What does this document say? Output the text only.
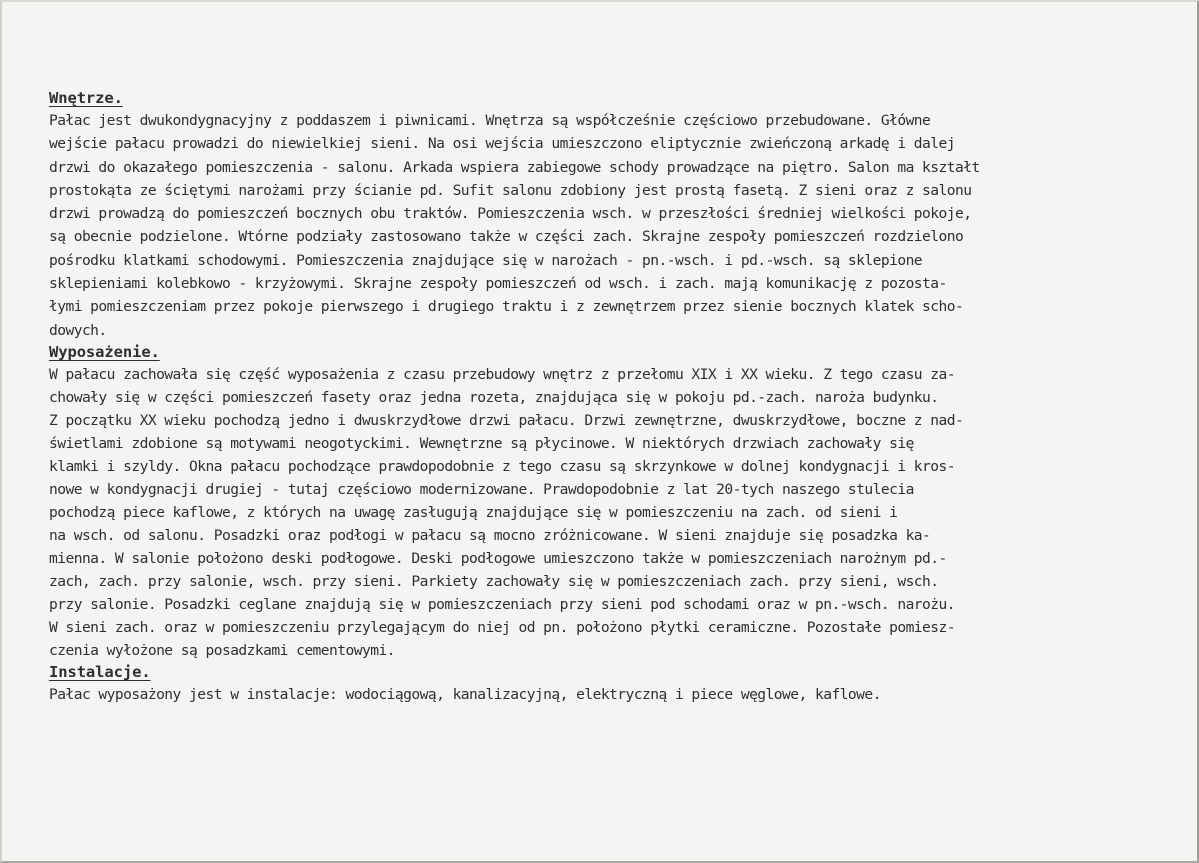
Wnętrze.
Pałac jest dwukondygnacyjny z poddaszem i piwnicami. Wnętrza są współcześnie częściowo przebudowane. Główne
wejście pałacu prowadzi do niewielkiej sieni. Na osi wejścia umieszczono eliptycznie zwieńczoną arkadę i dalej
drzwi do okazałego pomieszczenia - salonu. Arkada wspiera zabiegowe schody prowadzące na piętro. Salon ma kształt
prostokąta ze ściętymi narożami przy ścianie pd. Sufit salonu zdobiony jest prostą fasetą. Z sieni oraz z salonu
drzwi prowadzą do pomieszczeń bocznych obu traktów. Pomieszczenia wsch. w przeszłości średniej wielkości pokoje,
są obecnie podzielone. Wtórne podziały zastosowano także w części zach. Skrajne zespoły pomieszczeń rozdzielono
pośrodku klatkami schodowymi. Pomieszczenia znajdujące się w narożach - pn.-wsch. i pd.-wsch. są sklepione
sklepieniami kolebkowo - krzyżowymi. Skrajne zespoły pomieszczeń od wsch. i zach. mają komunikację z pozosta-
łymi pomieszczeniam przez pokoje pierwszego i drugiego traktu i z zewnętrzem przez sienie bocznych klatek scho-
dowych.
Wyposażenie.
W pałacu zachowała się część wyposażenia z czasu przebudowy wnętrz z przełomu XIX i XX wieku. Z tego czasu za-
chowały się w części pomieszczeń fasety oraz jedna rozeta, znajdująca się w pokoju pd.-zach. naroża budynku.
Z początku XX wieku pochodzą jedno i dwuskrzydłowe drzwi pałacu. Drzwi zewnętrzne, dwuskrzydłowe, boczne z nad-
świetlami zdobione są motywami neogotyckimi. Wewnętrzne są płycinowe. W niektórych drzwiach zachowały się
klamki i szyldy. Okna pałacu pochodzące prawdopodobnie z tego czasu są skrzynkowe w dolnej kondygnacji i kros-
nowe w kondygnacji drugiej - tutaj częściowo modernizowane. Prawdopodobnie z lat 20-tych naszego stulecia
pochodzą piece kaflowe, z których na uwagę zasługują znajdujące się w pomieszczeniu na zach. od sieni i
na wsch. od salonu. Posadzki oraz podłogi w pałacu są mocno zróżnicowane. W sieni znajduje się posadzka ka-
mienna. W salonie położono deski podłogowe. Deski podłogowe umieszczono także w pomieszczeniach narożnym pd.-
zach, zach. przy salonie, wsch. przy sieni. Parkiety zachowały się w pomieszczeniach zach. przy sieni, wsch.
przy salonie. Posadzki ceglane znajdują się w pomieszczeniach przy sieni pod schodami oraz w pn.-wsch. narożu.
W sieni zach. oraz w pomieszczeniu przylegającym do niej od pn. położono płytki ceramiczne. Pozostałe pomiesz-
czenia wyłożone są posadzkami cementowymi.
Instalacje.
Pałac wyposażony jest w instalacje: wodociągową, kanalizacyjną, elektryczną i piece węglowe, kaflowe.
